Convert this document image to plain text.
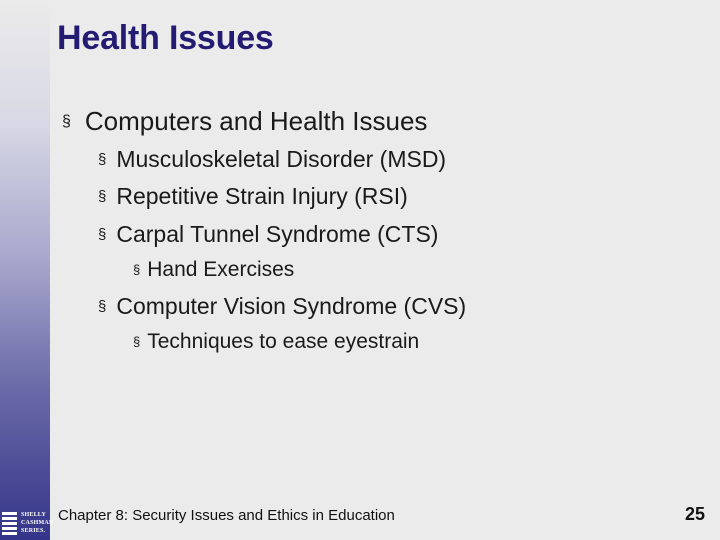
SHELLY
CASHMAN
SERIES.
Health Issues
§ Computers and Health Issues
§ Musculoskeletal Disorder (MSD)
§ Repetitive Strain Injury (RSI)
§ Carpal Tunnel Syndrome (CTS)
§ Hand Exercises
§ Computer Vision Syndrome (CVS)
§ Techniques to ease eyestrain
Chapter 8: Security Issues and Ethics in Education	25
